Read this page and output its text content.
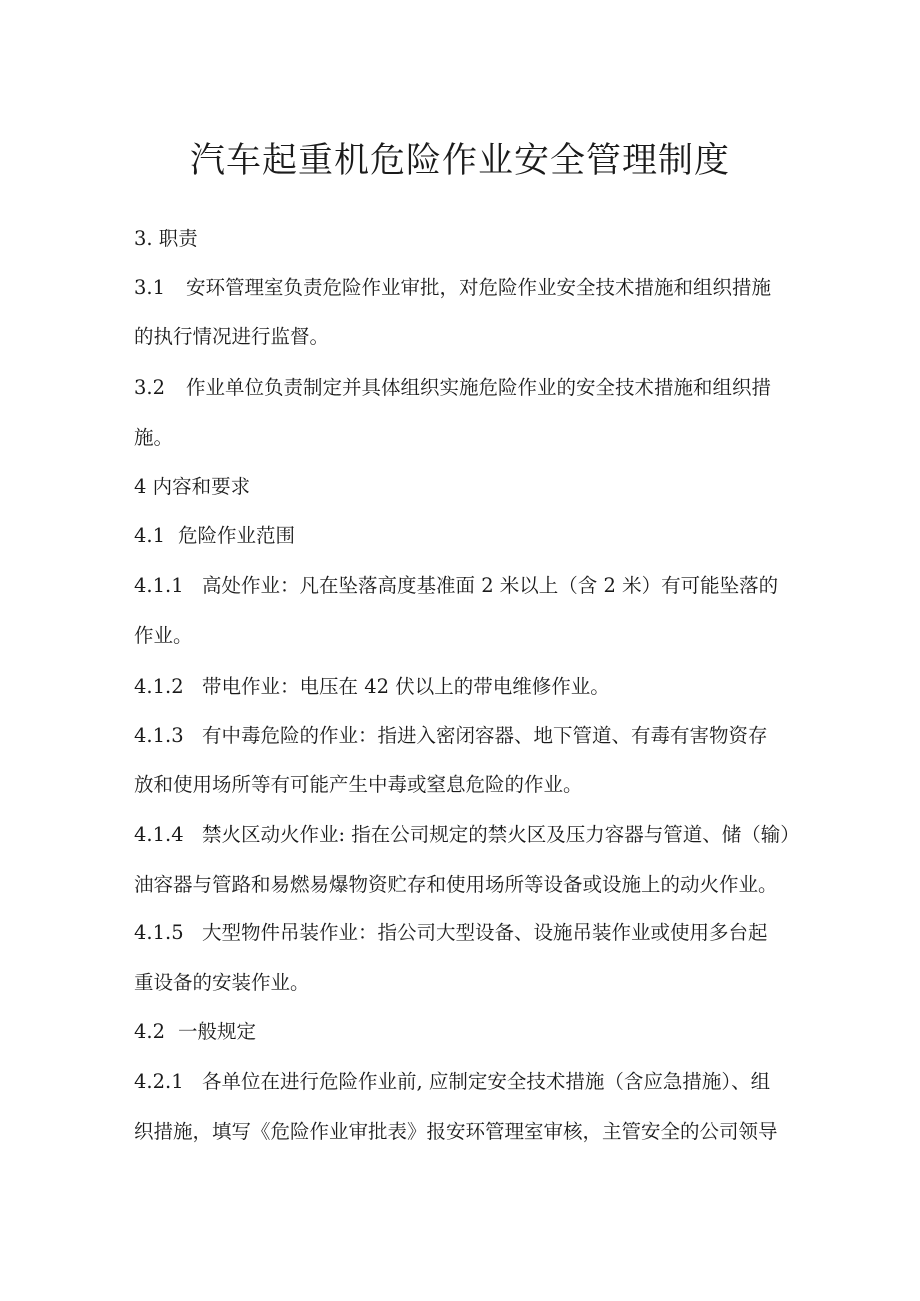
汽车起重机危险作业安全管理制度
3. 职责
3.1 安环管理室负责危险作业审批，对危险作业安全技术措施和组织措施
的执行情况进行监督。
3.2 作业单位负责制定并具体组织实施危险作业的安全技术措施和组织措
施。
4 内容和要求
4.1 危险作业范围
4.1.1 高处作业：凡在坠落高度基准面 2 米以上（含 2 米）有可能坠落的
作业。
4.1.2 带电作业：电压在 42 伏以上的带电维修作业。
4.1.3 有中毒危险的作业：指进入密闭容器、地下管道、有毒有害物资存
放和使用场所等有可能产生中毒或窒息危险的作业。
4.1.4 禁火区动火作业: 指在公司规定的禁火区及压力容器与管道、储（输）
油容器与管路和易燃易爆物资贮存和使用场所等设备或设施上的动火作业。
4.1.5 大型物件吊装作业：指公司大型设备、设施吊装作业或使用多台起
重设备的安装作业。
4.2 一般规定
4.2.1 各单位在进行危险作业前, 应制定安全技术措施（含应急措施）、组
织措施，填写《危险作业审批表》报安环管理室审核，主管安全的公司领导
